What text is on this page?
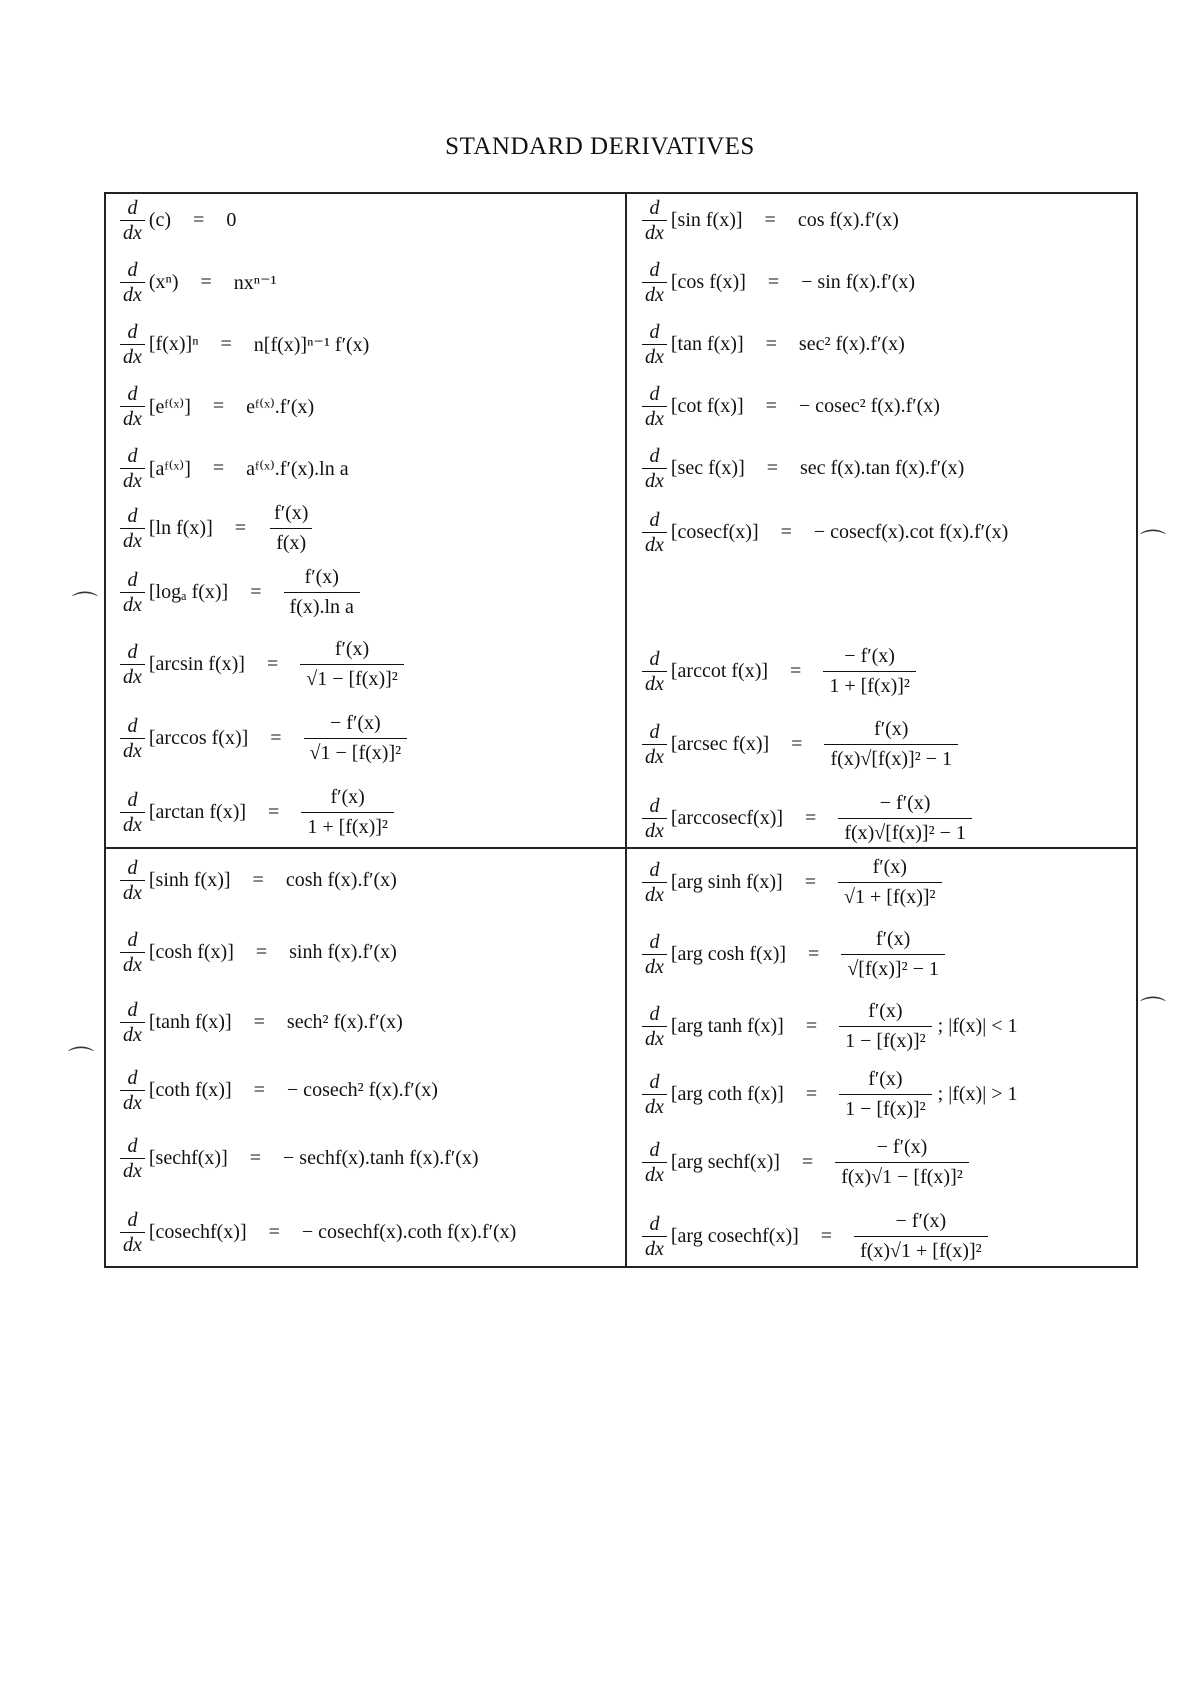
STANDARD DERIVATIVES
$\frac{d}{dx} (c) = 0$
$\frac{d}{dx} (x^n) = nx^{n-1}$
$\frac{d}{dx} [f(x)]^n = n[f(x)]^{n-1}$ f′(x)
$\frac{d}{dx}$ [eᶠ⁽ˣ⁾] = eᶠ⁽ˣ⁾.f′(x)
$\frac{d}{dx}$ [aᶠ⁽ˣ⁾] = aᶠ⁽ˣ⁾.f′(x).ln a
$\frac{d}{dx} [\ln$ $f(x)] = \frac{f'(x)}{f(x)}$
$\frac{d}{dx} [\log_a$ $f(x)] = \frac{f'(x)}{\text{f(x).ln a}}$
$\frac{d}{dx} [\arcsin$ $f(x)] = \frac{f'(x)}{\text{√1 − [f(x)]²}}$
$\frac{d}{dx} [\arccos$ $f(x)] = \frac{- f'(x)}{\text{√1 − [f(x)]²}}$
$\frac{d}{dx} [\arctan$ $f(x)] = \frac{f'(x)}{\text{1 + [f(x)]²}}$
$\frac{d}{dx} [\sin$ f(x)] = cos f(x).f′(x)
$\frac{d}{dx} [\cos$ f(x)] = − sin f(x).f′(x)
$\frac{d}{dx} [\tan$ f(x)] = sec² f(x).f′(x)
$\frac{d}{dx} [\cot$ f(x)] = − cosec² f(x).f′(x)
$\frac{d}{dx} [\sec$ f(x)] = sec f(x).tan f(x).f′(x)
$\frac{d}{dx} [cosecf(x)]$ = − cosecf(x).cot f(x).f′(x)
$\frac{d}{dx} [arccot$ $f(x)] = \frac{- f'(x)}{\text{1 + [f(x)]²}}$
$\frac{d}{dx} [arcsec$ $f(x)] = \frac{f'(x)}{\text{f(x)√[f(x)]² − 1}}$
$\frac{d}{dx}$ [arccosecf(x)] = $\frac{- f'(x)}{\text{f(x)√[f(x)]² − 1}}$
$\frac{d}{dx} [\sinh$ f(x)] = cosh f(x).f′(x)
$\frac{d}{dx} [\cosh$ f(x)] = sinh f(x).f′(x)
$\frac{d}{dx} [\tanh$ f(x)] = sech² f(x).f′(x)
$\frac{d}{dx} [\cot h$ f(x)] = − cosech² f(x).f′(x)
$\frac{d}{dx}$ [sechf(x)] = − sechf(x).tanh f(x).f′(x)
$\frac{d}{dx}$ [cosechf(x)] = − cosechf(x).coth f(x).f′(x)
$\frac{d}{dx} [arg$ $\sinh f(x)] = \frac{f'(x)}{\text{√1 + [f(x)]²}}$
$\frac{d}{dx} [arg$ $\cosh f(x)] = \frac{f'(x)}{\text{√[f(x)]² − 1}}$
$\frac{d}{dx} [arg$ $\tanh f(x)] = \frac{f'(x)}{\text{1 − [f(x)]²}}$ ; |f(x)| < 1
$\frac{d}{dx} [arg$ coth $f(x)] = \frac{f'(x)}{\text{1 − [f(x)]²}}$ ; |f(x)| > 1
$\frac{d}{dx} [arg$ sechf(x)] = $\frac{- f'(x)}{\text{f(x)√1 − [f(x)]²}}$
$\frac{d}{dx} [arg$ cosechf(x)] = $\frac{- f'(x)}{\text{f(x)√1 + [f(x)]²}}$
⌒
⌒
⌒
⌒
